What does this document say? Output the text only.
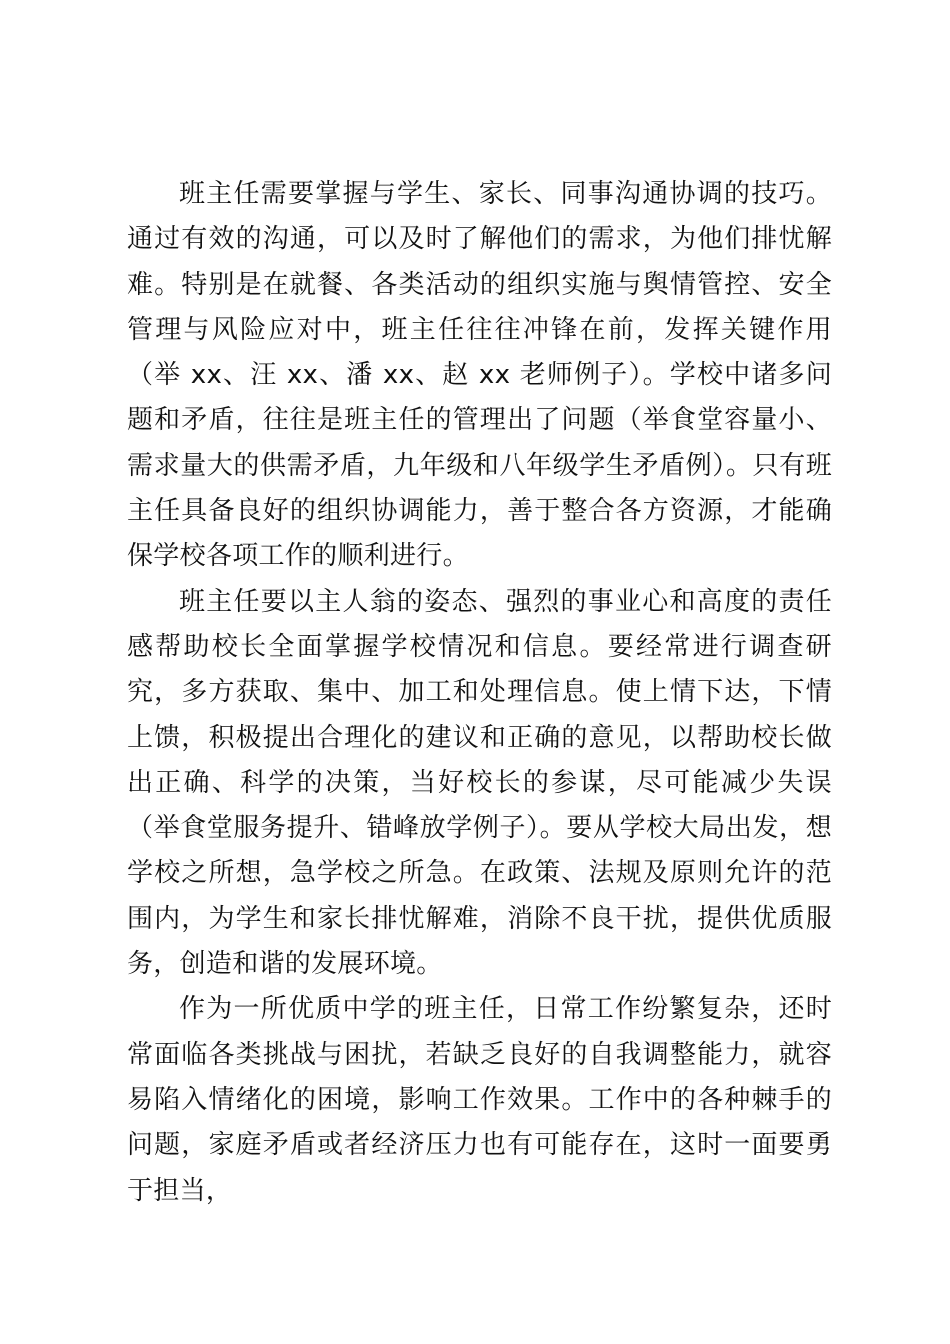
班主任需要掌握与学生、家长、同事沟通协调的技巧。通过有效的沟通，可以及时了解他们的需求，为他们排忧解难。特别是在就餐、各类活动的组织实施与舆情管控、安全管理与风险应对中，班主任往往冲锋在前，发挥关键作用（举 xx、汪 xx、潘 xx、赵 xx 老师例子）。学校中诸多问题和矛盾，往往是班主任的管理出了问题（举食堂容量小、需求量大的供需矛盾，九年级和八年级学生矛盾例）。只有班主任具备良好的组织协调能力，善于整合各方资源，才能确保学校各项工作的顺利进行。

班主任要以主人翁的姿态、强烈的事业心和高度的责任感帮助校长全面掌握学校情况和信息。要经常进行调查研究，多方获取、集中、加工和处理信息。使上情下达，下情上馈，积极提出合理化的建议和正确的意见，以帮助校长做出正确、科学的决策，当好校长的参谋，尽可能减少失误（举食堂服务提升、错峰放学例子）。要从学校大局出发，想学校之所想，急学校之所急。在政策、法规及原则允许的范围内，为学生和家长排忧解难，消除不良干扰，提供优质服务，创造和谐的发展环境。

作为一所优质中学的班主任，日常工作纷繁复杂，还时常面临各类挑战与困扰，若缺乏良好的自我调整能力，就容易陷入情绪化的困境，影响工作效果。工作中的各种棘手的问题，家庭矛盾或者经济压力也有可能存在，这时一面要勇于担当，
